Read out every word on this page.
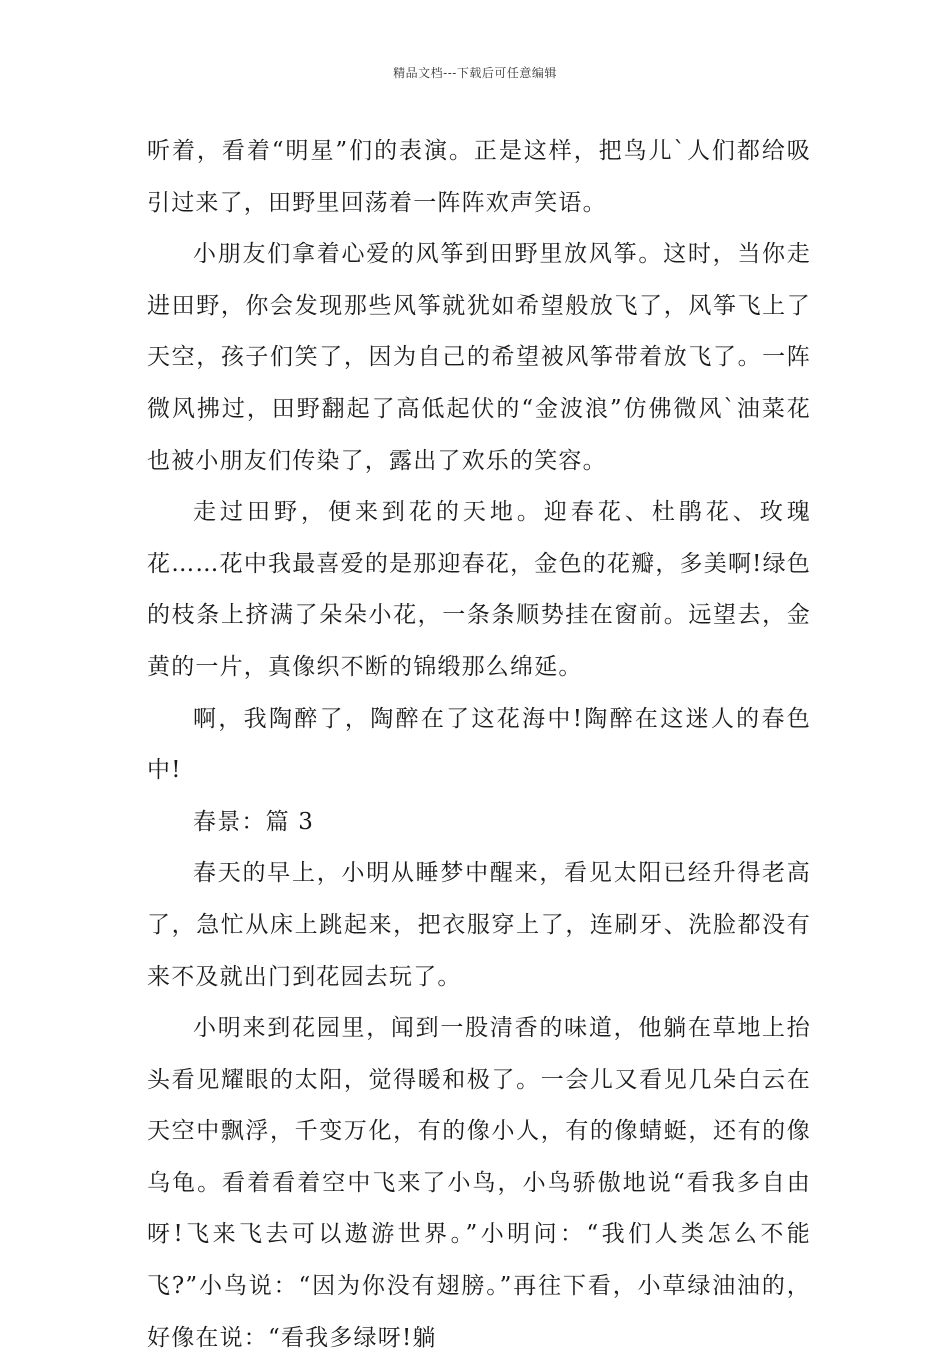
精品文档---下载后可任意编辑

听着，看着“明星”们的表演。正是这样，把鸟儿`人们都给吸引过来了，田野里回荡着一阵阵欢声笑语。

小朋友们拿着心爱的风筝到田野里放风筝。这时，当你走进田野，你会发现那些风筝就犹如希望般放飞了，风筝飞上了天空，孩子们笑了，因为自己的希望被风筝带着放飞了。一阵微风拂过，田野翻起了高低起伏的“金波浪”仿佛微风`油菜花也被小朋友们传染了，露出了欢乐的笑容。

走过田野，便来到花的天地。迎春花、杜鹃花、玫瑰花……花中我最喜爱的是那迎春花，金色的花瓣，多美啊!绿色的枝条上挤满了朵朵小花，一条条顺势挂在窗前。远望去，金黄的一片，真像织不断的锦缎那么绵延。

啊，我陶醉了，陶醉在了这花海中!陶醉在这迷人的春色中!

春景：篇 3

春天的早上，小明从睡梦中醒来，看见太阳已经升得老高了，急忙从床上跳起来，把衣服穿上了，连刷牙、洗脸都没有来不及就出门到花园去玩了。

小明来到花园里，闻到一股清香的味道，他躺在草地上抬头看见耀眼的太阳，觉得暖和极了。一会儿又看见几朵白云在天空中飘浮，千变万化，有的像小人，有的像蜻蜓，还有的像乌龟。看着看着空中飞来了小鸟，小鸟骄傲地说“看我多自由呀!飞来飞去可以遨游世界。”小明问：“我们人类怎么不能飞?”小鸟说：“因为你没有翅膀。”再往下看，小草绿油油的，好像在说：“看我多绿呀!躺
